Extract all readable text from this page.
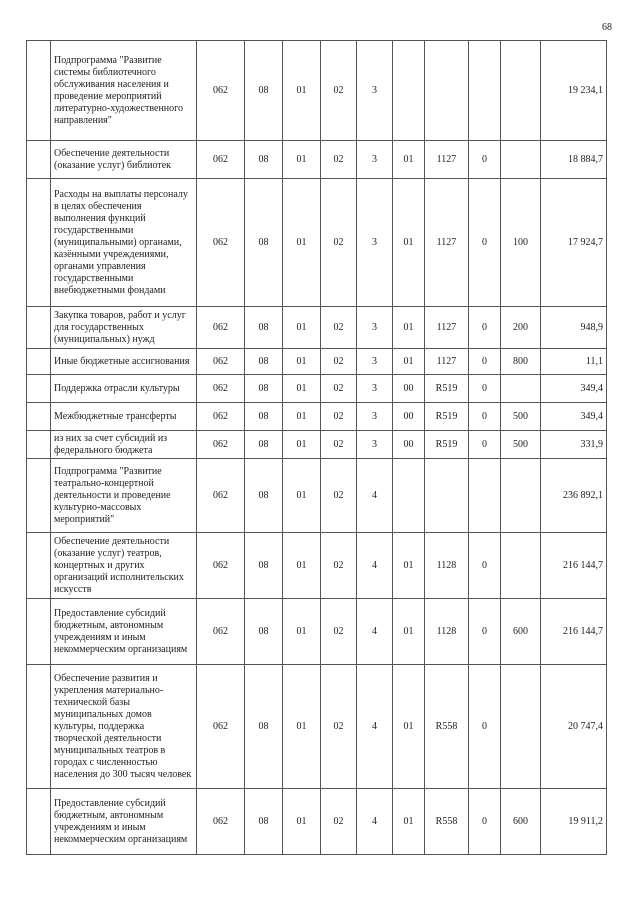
68
	Подпрограмма "Развитие системы библиотечного обслуживания населения и проведение мероприятий литературно-художественного направления"	062	08	01	02	3					19 234,1
	Обеспечение деятельности (оказание услуг) библиотек	062	08	01	02	3	01	1127	0		18 884,7
	Расходы на выплаты персоналу в целях обеспечения выполнения функций государственными (муниципальными) органами, казёнными учреждениями, органами управления государственными внебюджетными фондами	062	08	01	02	3	01	1127	0	100	17 924,7
	Закупка товаров, работ и услуг для государственных (муниципальных) нужд	062	08	01	02	3	01	1127	0	200	948,9
	Иные бюджетные ассигнования	062	08	01	02	3	01	1127	0	800	11,1
	Поддержка отрасли культуры	062	08	01	02	3	00	R519	0		349,4
	Межбюджетные трансферты	062	08	01	02	3	00	R519	0	500	349,4
	из них за счет субсидий из федерального бюджета	062	08	01	02	3	00	R519	0	500	331,9
	Подпрограмма "Развитие театрально-концертной деятельности и проведение культурно-массовых мероприятий"	062	08	01	02	4					236 892,1
	Обеспечение деятельности (оказание услуг) театров, концертных и других организаций исполнительских искусств	062	08	01	02	4	01	1128	0		216 144,7
	Предоставление субсидий бюджетным, автономным учреждениям и иным некоммерческим организациям	062	08	01	02	4	01	1128	0	600	216 144,7
	Обеспечение развития и укрепления материально-технической базы муниципальных домов культуры, поддержка творческой деятельности муниципальных театров в городах с численностью населения до 300 тысяч человек	062	08	01	02	4	01	R558	0		20 747,4
	Предоставление субсидий бюджетным, автономным учреждениям и иным некоммерческим организациям	062	08	01	02	4	01	R558	0	600	19 911,2
